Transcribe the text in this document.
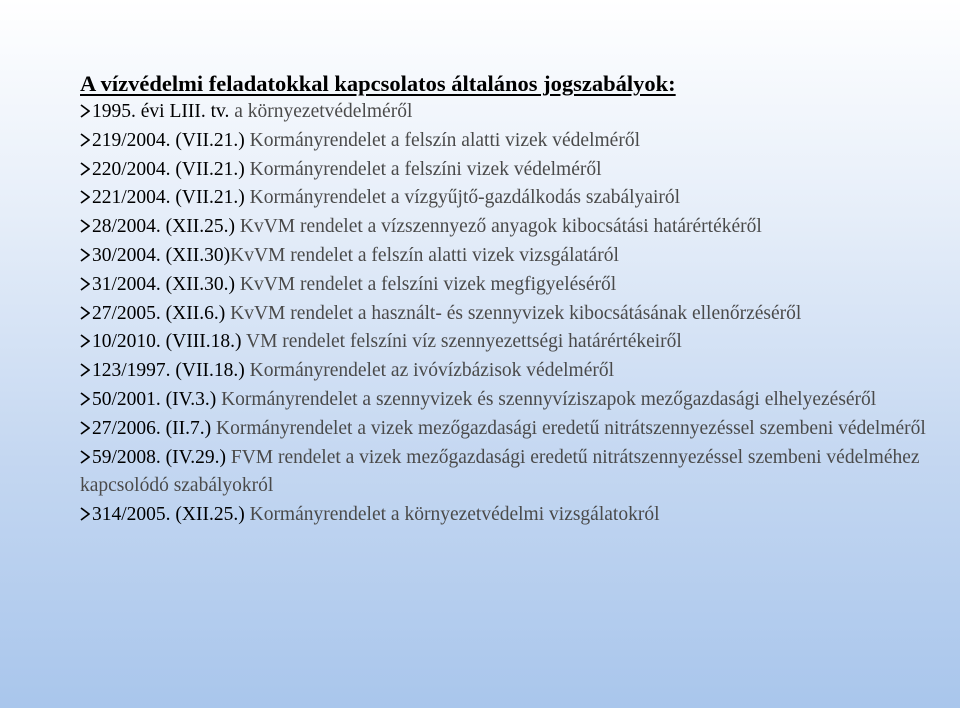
A vízvédelmi feladatokkal kapcsolatos általános jogszabályok:
1995. évi LIII. tv. a környezetvédelméről
219/2004. (VII.21.) Kormányrendelet a felszín alatti vizek védelméről
220/2004. (VII.21.) Kormányrendelet a felszíni vizek védelméről
221/2004. (VII.21.) Kormányrendelet a vízgyűjtő-gazdálkodás szabályairól
28/2004. (XII.25.) KvVM rendelet a vízszennyező anyagok kibocsátási határértékéről
30/2004. (XII.30)KvVM rendelet a felszín alatti vizek vizsgálatáról
31/2004. (XII.30.) KvVM rendelet a felszíni vizek megfigyeléséről
27/2005. (XII.6.) KvVM rendelet a használt- és szennyvizek kibocsátásának ellenőrzéséről
10/2010. (VIII.18.) VM rendelet felszíni víz szennyezettségi határértékeiről
123/1997. (VII.18.) Kormányrendelet az ivóvízbázisok védelméről
50/2001. (IV.3.) Kormányrendelet a szennyvizek és szennyvíziszapok mezőgazdasági elhelyezéséről
27/2006. (II.7.) Kormányrendelet a vizek mezőgazdasági eredetű nitrátszennyezéssel szembeni védelméről
59/2008. (IV.29.) FVM rendelet a vizek mezőgazdasági eredetű nitrátszennyezéssel szembeni védelméhez kapcsolódó szabályokról
314/2005. (XII.25.) Kormányrendelet a környezetvédelmi vizsgálatokról
